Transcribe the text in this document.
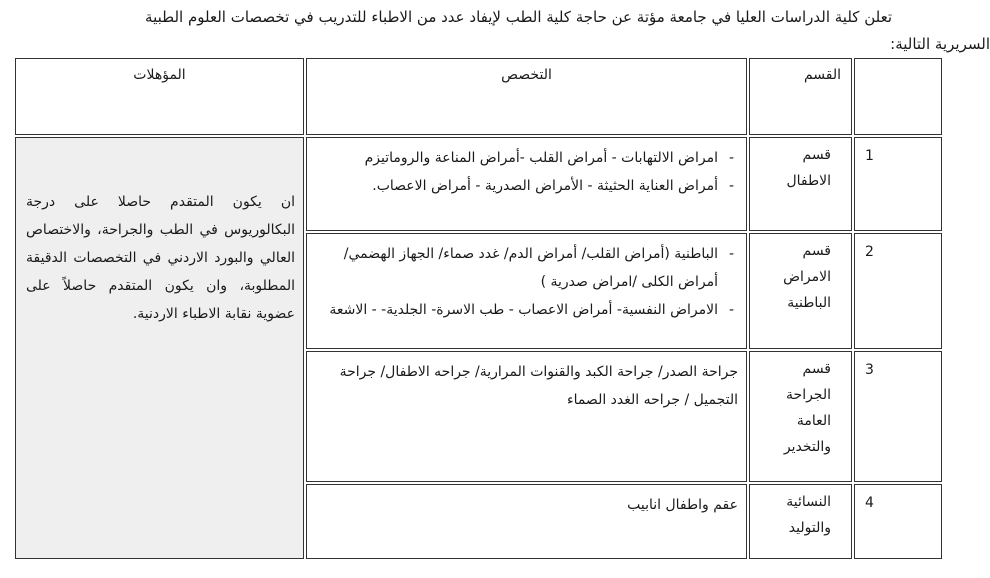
تعلن كلية الدراسات العليا في جامعة مؤتة عن حاجة كلية الطب لإيفاد عدد من الاطباء للتدريب في تخصصات العلوم الطبية
السريرية التالية:
القسم
التخصص
المؤهلات
ان يكون المتقدم حاصلا على درجة البكالوريوس في الطب والجراحة، والاختصاص العالي والبورد الاردني في التخصصات الدقيقة المطلوبة، وان يكون المتقدم حاصلاً على عضوية نقابة الاطباء الاردنية.
1
قسم الاطفال
- امراض الالتهابات - أمراض القلب -أمراض المناعة والروماتيزم
- أمراض العناية الحثيثة - الأمراض الصدرية - أمراض الاعصاب.
2
قسم الامراض الباطنية
- الباطنية (أمراض القلب/ أمراض الدم/ غدد صماء/ الجهاز الهضمي/ أمراض الكلى /امراض صدرية )
- الامراض النفسية- أمراض الاعصاب - طب الاسرة- الجلدية- - الاشعة
3
قسم الجراحة العامة والتخدير

جراحة الصدر/ جراحة الكبد والقنوات المرارية/ جراحه الاطفال/ جراحة التجميل / جراحه الغدد الصماء

4
النسائية والتوليد

عقم واطفال انابيب
